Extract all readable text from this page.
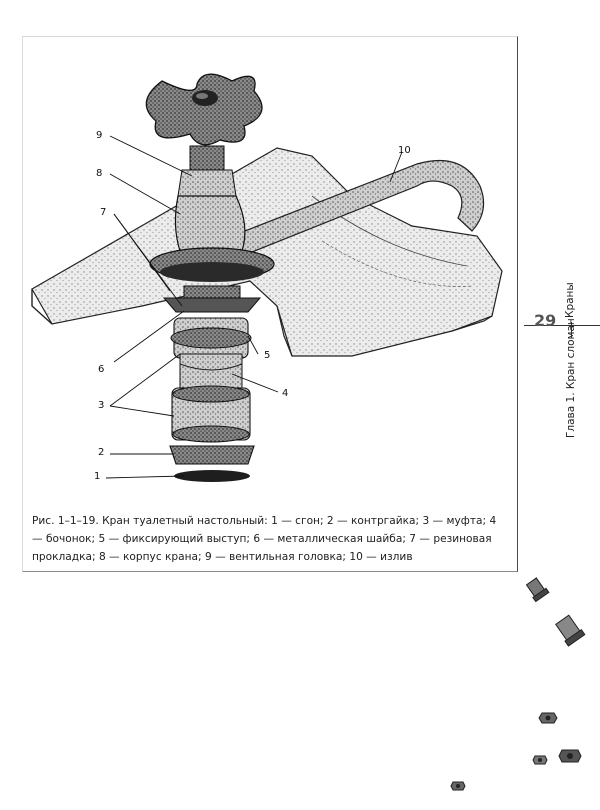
9
8
7
10
5
6
4
3
2
1
Рис. 1–1–19. Кран туалетный настольный: 1 — сгон; 2 — контргайка; 3 — муфта; 4 — бочонок; 5 — фиксирующий выступ; 6 — металлическая шайба; 7 — резиновая прокладка; 8 — корпус крана; 9 — вентильная головка; 10 — излив
29
Краны
Глава 1. Кран сломан
